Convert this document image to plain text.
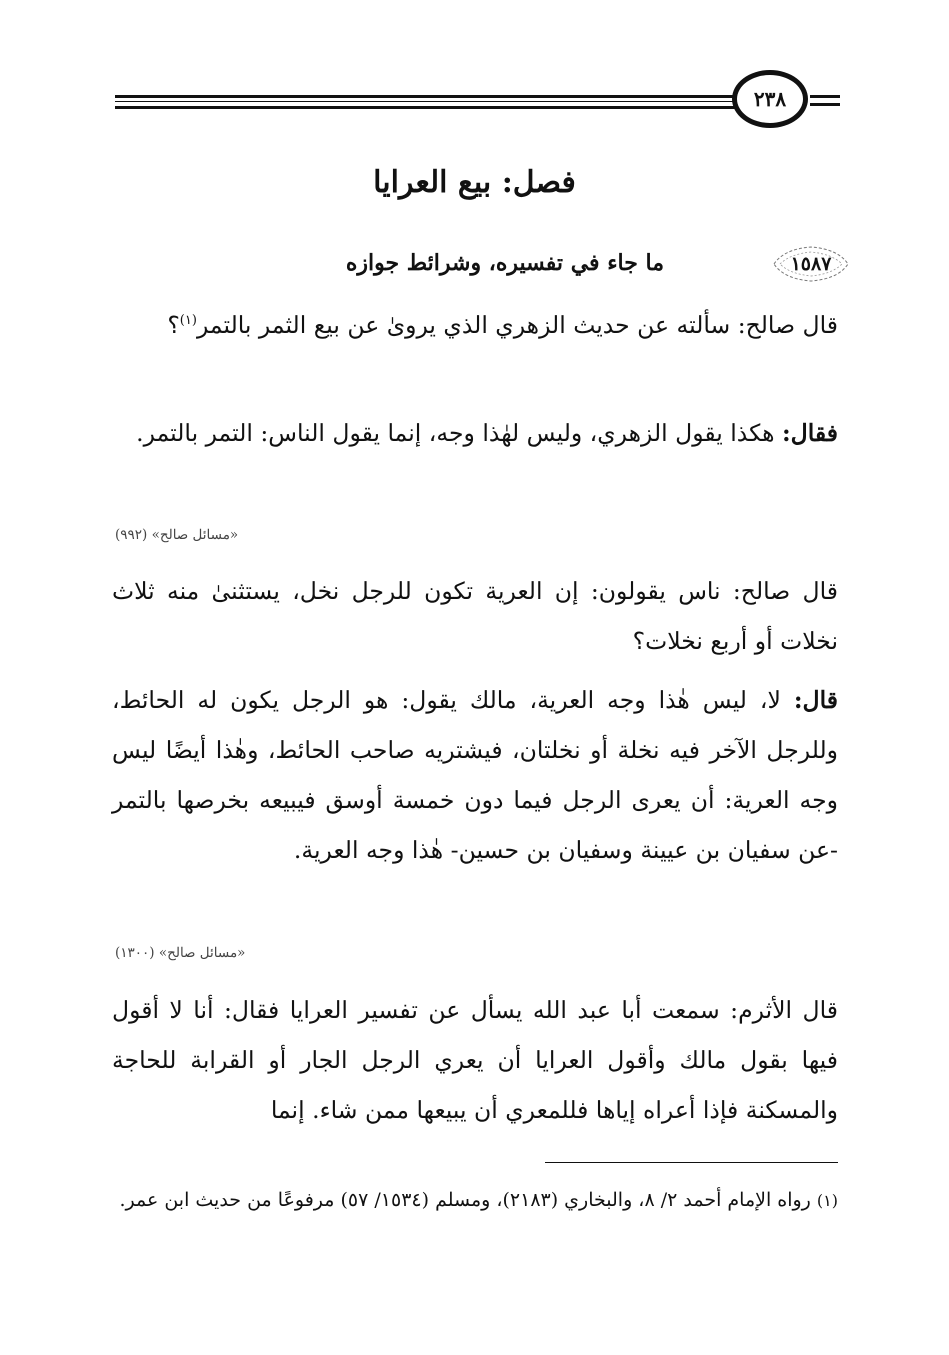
٢٣٨
فصل: بيع العرايا
١٥٨٧
ما جاء في تفسيره، وشرائط جوازه

قال صالح: سألته عن حديث الزهري الذي يروىٰ عن بيع الثمر بالتمر$^{(١)}$؟

فقال: هكذا يقول الزهري، وليس لهٰذا وجه، إنما يقول الناس: التمر بالتمر.

«مسائل صالح» (٩٩٢)

قال صالح: ناس يقولون: إن العرية تكون للرجل نخل، يستثنىٰ منه ثلاث نخلات أو أربع نخلات؟

قال: لا، ليس هٰذا وجه العرية، مالك يقول: هو الرجل يكون له الحائط، وللرجل الآخر فيه نخلة أو نخلتان، فيشتريه صاحب الحائط، وهٰذا أيضًا ليس وجه العرية: أن يعرى الرجل فيما دون خمسة أوسق فيبيعه بخرصها بالتمر -عن سفيان بن عيينة وسفيان بن حسين- هٰذا وجه العرية.

«مسائل صالح» (١٣٠٠)

قال الأثرم: سمعت أبا عبد الله يسأل عن تفسير العرايا فقال: أنا لا أقول فيها بقول مالك وأقول العرايا أن يعري الرجل الجار أو القرابة للحاجة والمسكنة فإذا أعراه إياها فللمعري أن يبيعها ممن شاء. إنما

(١) رواه الإمام أحمد ٢/ ٨، والبخاري (٢١٨٣)، ومسلم (١٥٣٤/ ٥٧) مرفوعًا من حديث ابن عمر.
